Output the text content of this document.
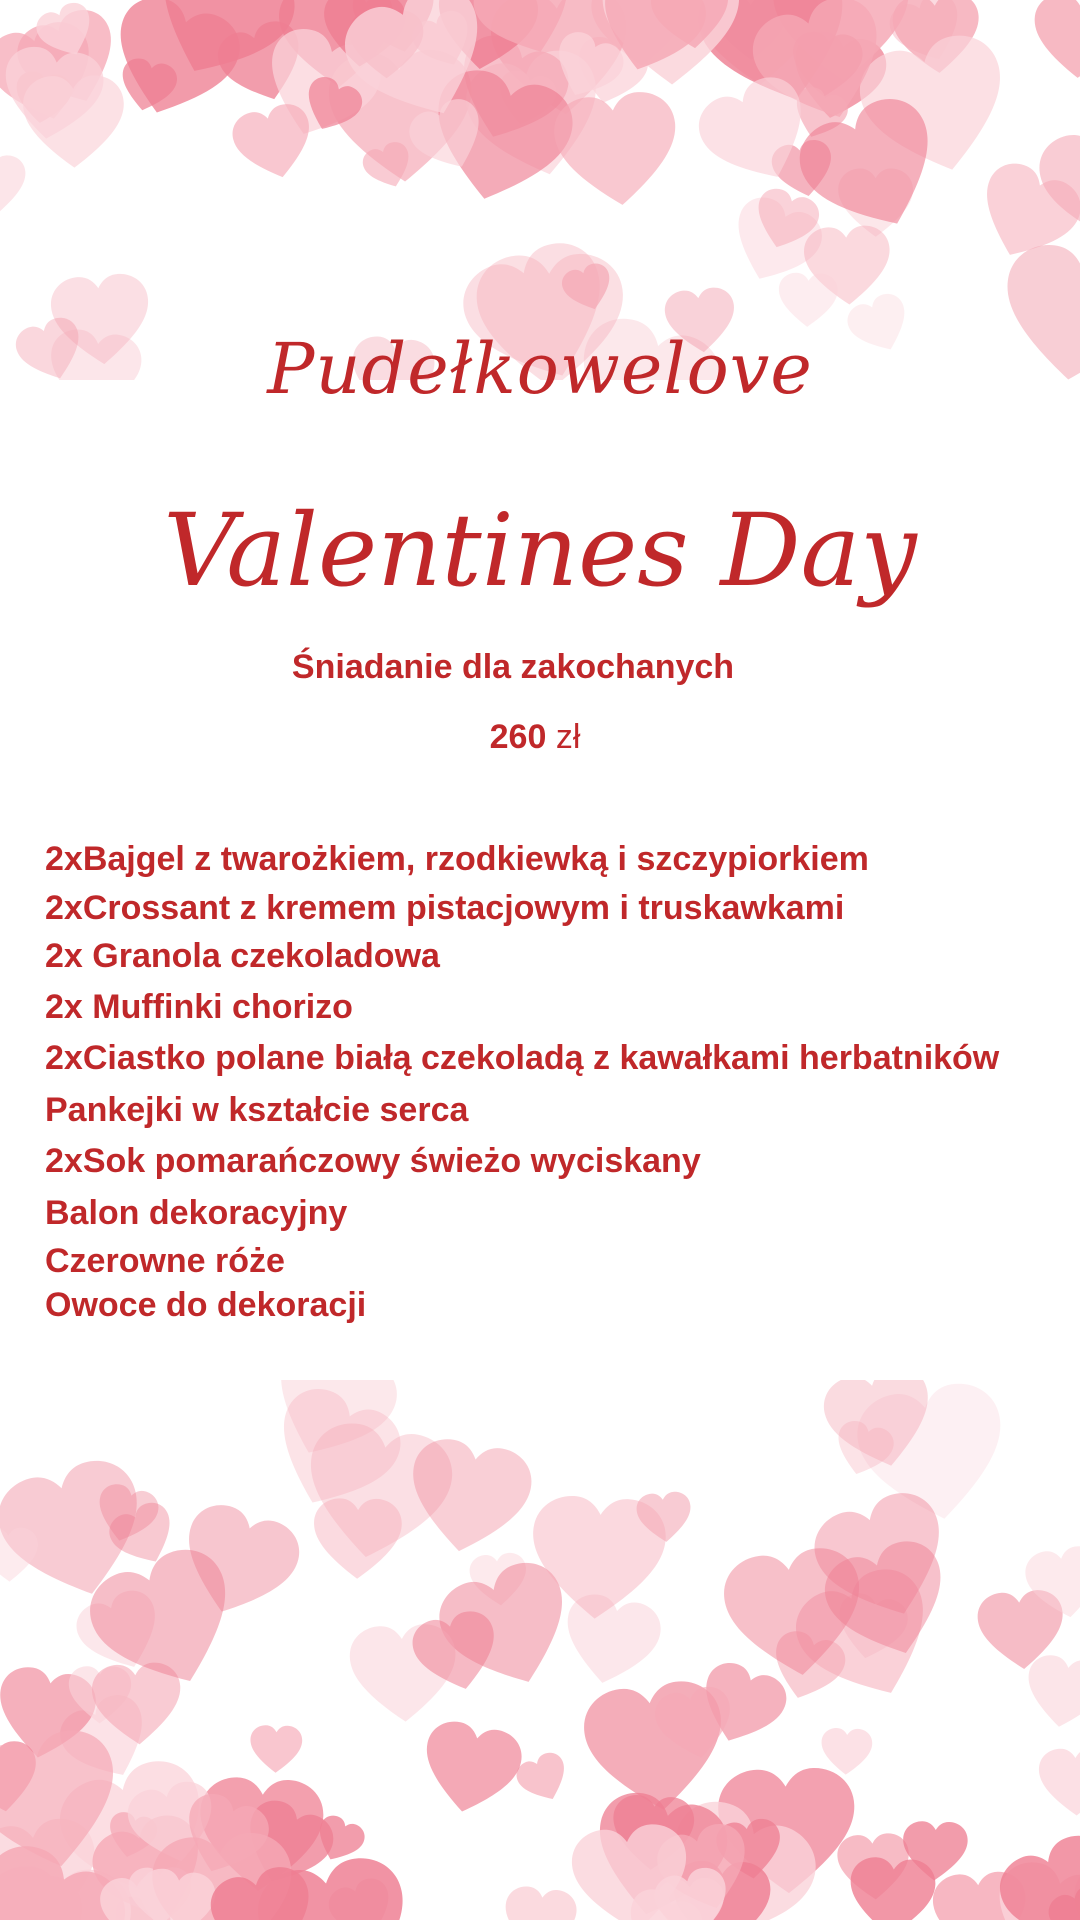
Pudełkowelove
Valentines Day
Śniadanie dla zakochanych
260 zł
2xBajgel z twarożkiem, rzodkiewką i szczypiorkiem
2xCrossant z kremem pistacjowym i truskawkami
2x Granola czekoladowa
2x Muffinki chorizo
2xCiastko polane białą czekoladą z kawałkami herbatników
Pankejki w kształcie serca
2xSok pomarańczowy świeżo wyciskany
Balon dekoracyjny
Czerowne róże
Owoce do dekoracji
